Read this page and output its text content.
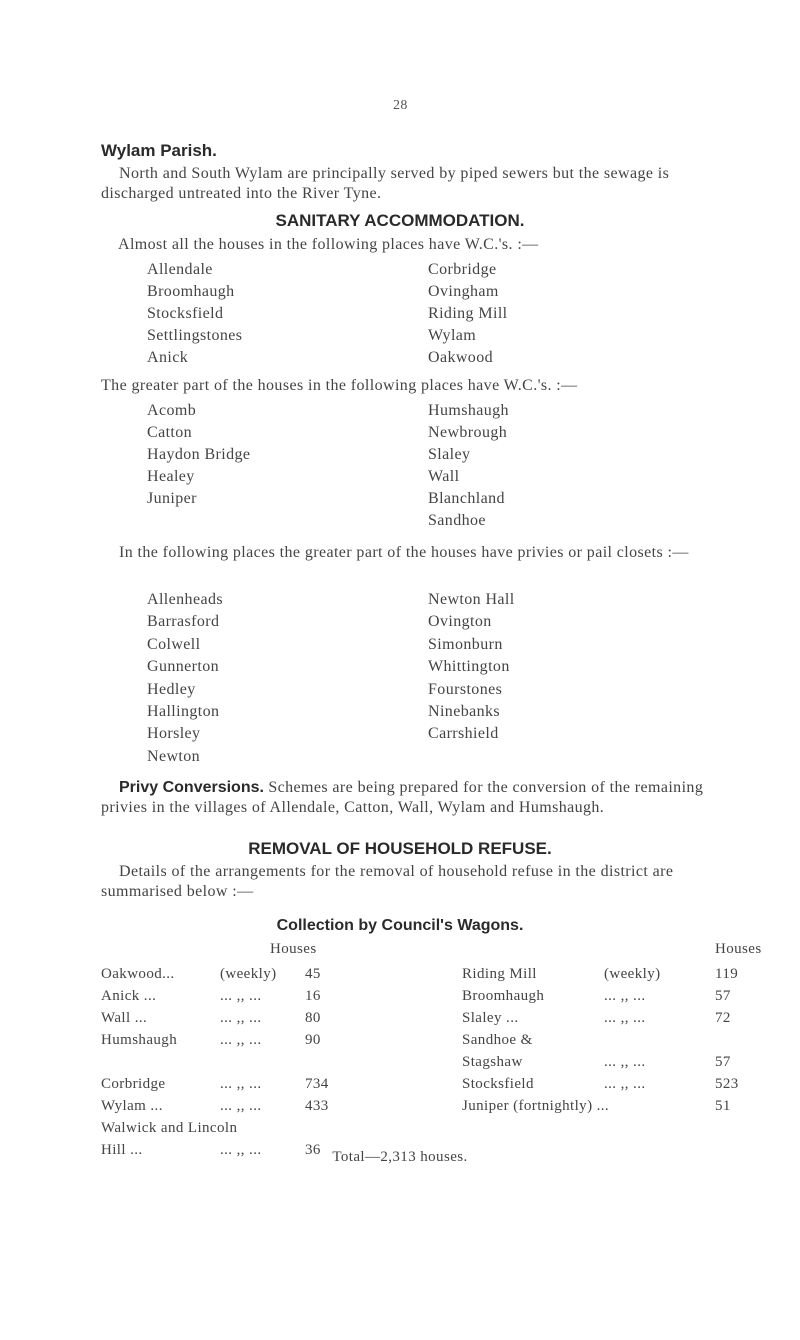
28
Wylam Parish.
North and South Wylam are principally served by piped sewers but the sewage is discharged untreated into the River Tyne.
SANITARY ACCOMMODATION.
Almost all the houses in the following places have W.C.'s. :—
Allendale
Broomhaugh
Stocksfield
Settlingstones
Anick
Corbridge
Ovingham
Riding Mill
Wylam
Oakwood
The greater part of the houses in the following places have W.C.'s. :—
Acomb
Catton
Haydon Bridge
Healey
Juniper
Humshaugh
Newbrough
Slaley
Wall
Blanchland
Sandhoe
In the following places the greater part of the houses have privies or pail closets :—
Allenheads
Barrasford
Colwell
Gunnerton
Hedley
Hallington
Horsley
Newton
Newton Hall
Ovington
Simonburn
Whittington
Fourstones
Ninebanks
Carrshield
Privy Conversions. Schemes are being prepared for the conversion of the remaining privies in the villages of Allendale, Catton, Wall, Wylam and Humshaugh.
REMOVAL OF HOUSEHOLD REFUSE.
Details of the arrangements for the removal of household refuse in the district are summarised below :—
Collection by Council's Wagons.
Houses	Houses
Oakwood...	(weekly) 45
Anick ...	... ,, ...	16
Wall ...	... ,, ...	80
Humshaugh	... ,, ...	90
Corbridge	... ,, ...	734
Wylam ...	... ,, ...	433
Walwick and Lincoln
Hill ...	... ,, ...	36
Riding Mill	(weekly)	119
Broomhaugh	... ,, ...	57
Slaley ...	... ,, ...	72
Sandhoe &
Stagshaw	... ,, ...	57
Stocksfield	... ,, ...	523
Juniper (fortnightly) ...	51
Total—2,313 houses.
